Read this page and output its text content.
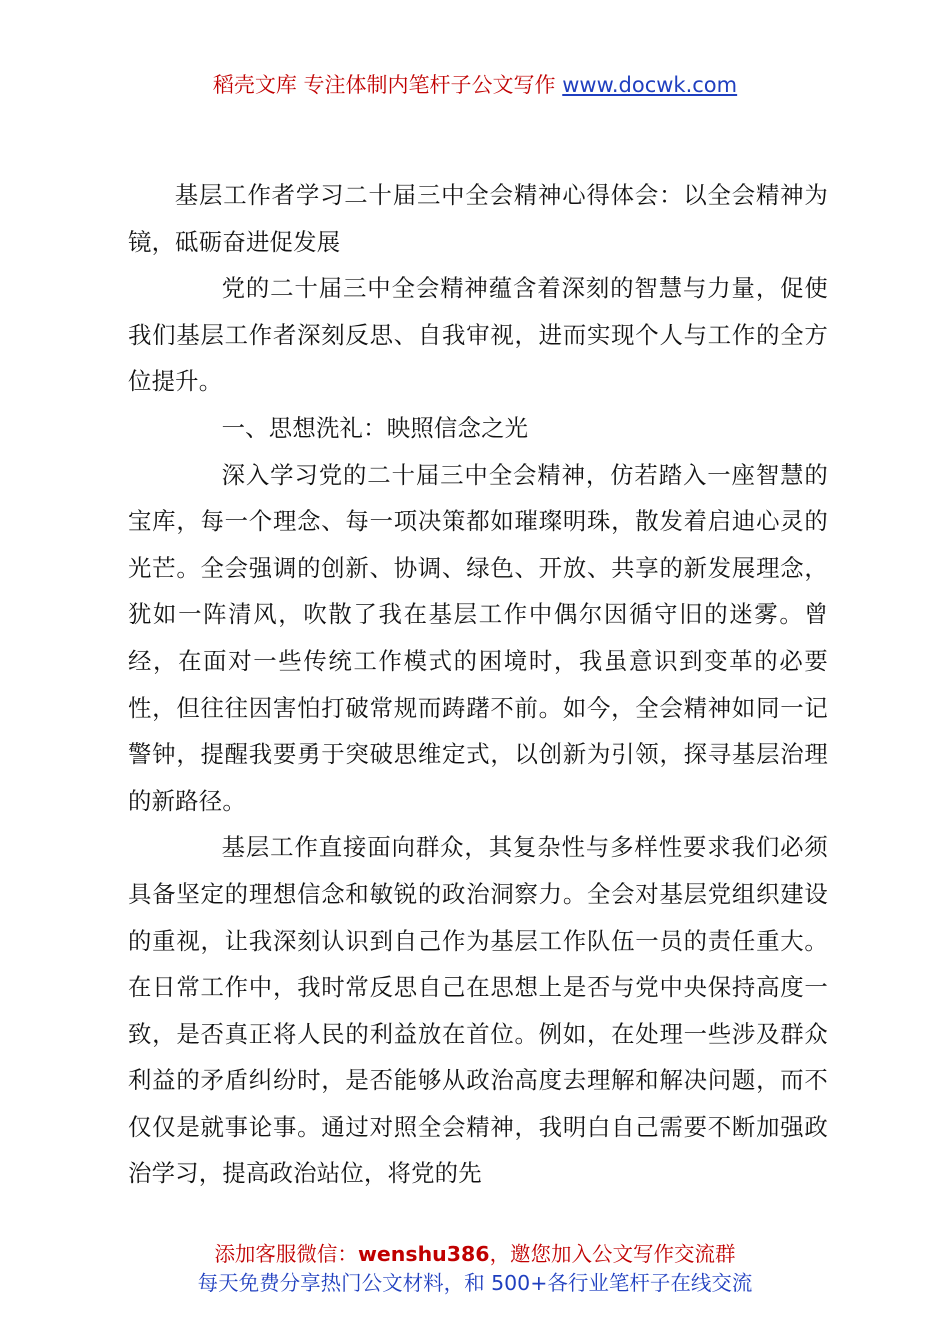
稻壳文库 专注体制内笔杆子公文写作 www.docwk.com

基层工作者学习二十届三中全会精神心得体会：以全会精神为镜，砥砺奋进促发展

党的二十届三中全会精神蕴含着深刻的智慧与力量，促使我们基层工作者深刻反思、自我审视，进而实现个人与工作的全方位提升。

一、思想洗礼：映照信念之光

深入学习党的二十届三中全会精神，仿若踏入一座智慧的宝库，每一个理念、每一项决策都如璀璨明珠，散发着启迪心灵的光芒。全会强调的创新、协调、绿色、开放、共享的新发展理念，犹如一阵清风，吹散了我在基层工作中偶尔因循守旧的迷雾。曾经，在面对一些传统工作模式的困境时，我虽意识到变革的必要性，但往往因害怕打破常规而踌躇不前。如今，全会精神如同一记警钟，提醒我要勇于突破思维定式，以创新为引领，探寻基层治理的新路径。

基层工作直接面向群众，其复杂性与多样性要求我们必须具备坚定的理想信念和敏锐的政治洞察力。全会对基层党组织建设的重视，让我深刻认识到自己作为基层工作队伍一员的责任重大。在日常工作中，我时常反思自己在思想上是否与党中央保持高度一致，是否真正将人民的利益放在首位。例如，在处理一些涉及群众利益的矛盾纠纷时，是否能够从政治高度去理解和解决问题，而不仅仅是就事论事。通过对照全会精神，我明白自己需要不断加强政治学习，提高政治站位，将党的先

添加客服微信：wenshu386，邀您加入公文写作交流群
每天免费分享热门公文材料，和 500+各行业笔杆子在线交流
